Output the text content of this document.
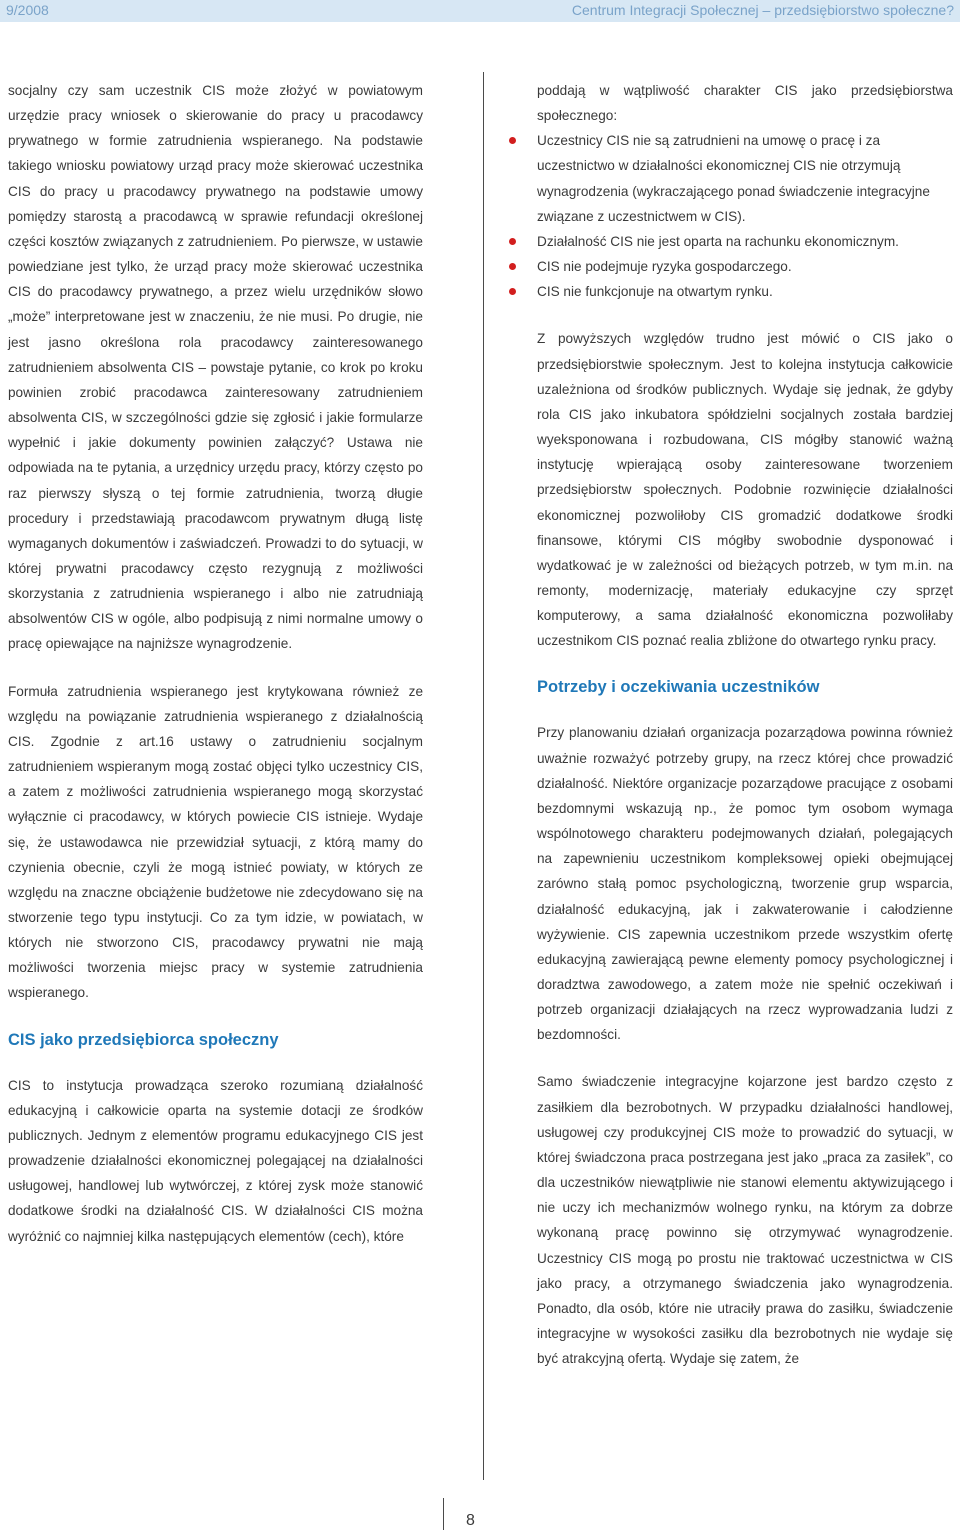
9/2008	Centrum Integracji Społecznej – przedsiębiorstwo społeczne?

socjalny czy sam uczestnik CIS może złożyć w powiatowym urzędzie pracy wniosek o skierowanie do pracy u pracodawcy prywatnego w formie zatrudnienia wspieranego. Na podstawie takiego wniosku powiatowy urząd pracy może skierować uczestnika CIS do pracy u pracodawcy prywatnego na podstawie umowy pomiędzy starostą a pracodawcą w sprawie refundacji określonej części kosztów związanych z zatrudnieniem. Po pierwsze, w ustawie powiedziane jest tylko, że urząd pracy może skierować uczestnika CIS do pracodawcy prywatnego, a przez wielu urzędników słowo „może” interpretowane jest w znaczeniu, że nie musi. Po drugie, nie jest jasno określona rola pracodawcy zainteresowanego zatrudnieniem absolwenta CIS – powstaje pytanie, co krok po kroku powinien zrobić pracodawca zainteresowany zatrudnieniem absolwenta CIS, w szczególności gdzie się zgłosić i jakie formularze wypełnić i jakie dokumenty powinien załączyć? Ustawa nie odpowiada na te pytania, a urzędnicy urzędu pracy, którzy często po raz pierwszy słyszą o tej formie zatrudnienia, tworzą długie procedury i przedstawiają pracodawcom prywatnym długą listę wymaganych dokumentów i zaświadczeń. Prowadzi to do sytuacji, w której prywatni pracodawcy często rezygnują z możliwości skorzystania z zatrudnienia wspieranego i albo nie zatrudniają absolwentów CIS w ogóle, albo podpisują z nimi normalne umowy o pracę opiewające na najniższe wynagrodzenie.

Formuła zatrudnienia wspieranego jest krytykowana również ze względu na powiązanie zatrudnienia wspieranego z działalnością CIS. Zgodnie z art.16 ustawy o zatrudnieniu socjalnym zatrudnieniem wspieranym mogą zostać objęci tylko uczestnicy CIS, a zatem z możliwości zatrudnienia wspieranego mogą skorzystać wyłącznie ci pracodawcy, w których powiecie CIS istnieje. Wydaje się, że ustawodawca nie przewidział sytuacji, z którą mamy do czynienia obecnie, czyli że mogą istnieć powiaty, w których ze względu na znaczne obciążenie budżetowe nie zdecydowano się na stworzenie tego typu instytucji. Co za tym idzie, w powiatach, w których nie stworzono CIS, pracodawcy prywatni nie mają możliwości tworzenia miejsc pracy w systemie zatrudnienia wspieranego.

CIS jako przedsiębiorca społeczny

CIS to instytucja prowadząca szeroko rozumianą działalność edukacyjną i całkowicie oparta na systemie dotacji ze środków publicznych. Jednym z elementów programu edukacyjnego CIS jest prowadzenie działalności ekonomicznej polegającej na działalności usługowej, handlowej lub wytwórczej, z której zysk może stanowić dodatkowe środki na działalność CIS. W działalności CIS można wyróżnić co najmniej kilka następujących elementów (cech), które

poddają w wątpliwość charakter CIS jako przedsiębiorstwa społecznego:

Uczestnicy CIS nie są zatrudnieni na umowę o pracę i za uczestnictwo w działalności ekonomicznej CIS nie otrzymują wynagrodzenia (wykraczającego ponad świadczenie integracyjne związane z uczestnictwem w CIS).
Działalność CIS nie jest oparta na rachunku ekonomicznym.
CIS nie podejmuje ryzyka gospodarczego.
CIS nie funkcjonuje na otwartym rynku.

Z powyższych względów trudno jest mówić o CIS jako o przedsiębiorstwie społecznym. Jest to kolejna instytucja całkowicie uzależniona od środków publicznych. Wydaje się jednak, że gdyby rola CIS jako inkubatora spółdzielni socjalnych została bardziej wyeksponowana i rozbudowana, CIS mógłby stanowić ważną instytucję wpierającą osoby zainteresowane tworzeniem przedsiębiorstw społecznych. Podobnie rozwinięcie działalności ekonomicznej pozwoliłoby CIS gromadzić dodatkowe środki finansowe, którymi CIS mógłby swobodnie dysponować i wydatkować je w zależności od bieżących potrzeb, w tym m.in. na remonty, modernizację, materiały edukacyjne czy sprzęt komputerowy, a sama działalność ekonomiczna pozwoliłaby uczestnikom CIS poznać realia zbliżone do otwartego rynku pracy.

Potrzeby i oczekiwania uczestników

Przy planowaniu działań organizacja pozarządowa powinna również uważnie rozważyć potrzeby grupy, na rzecz której chce prowadzić działalność. Niektóre organizacje pozarządowe pracujące z osobami bezdomnymi wskazują np., że pomoc tym osobom wymaga wspólnotowego charakteru podejmowanych działań, polegających na zapewnieniu uczestnikom kompleksowej opieki obejmującej zarówno stałą pomoc psychologiczną, tworzenie grup wsparcia, działalność edukacyjną, jak i zakwaterowanie i całodzienne wyżywienie. CIS zapewnia uczestnikom przede wszystkim ofertę edukacyjną zawierającą pewne elementy pomocy psychologicznej i doradztwa zawodowego, a zatem może nie spełnić oczekiwań i potrzeb organizacji działających na rzecz wyprowadzania ludzi z bezdomności.

Samo świadczenie integracyjne kojarzone jest bardzo często z zasiłkiem dla bezrobotnych. W przypadku działalności handlowej, usługowej czy produkcyjnej CIS może to prowadzić do sytuacji, w której świadczona praca postrzegana jest jako „praca za zasiłek”, co dla uczestników niewątpliwie nie stanowi elementu aktywizującego i nie uczy ich mechanizmów wolnego rynku, na którym za dobrze wykonaną pracę powinno się otrzymywać wynagrodzenie. Uczestnicy CIS mogą po prostu nie traktować uczestnictwa w CIS jako pracy, a otrzymanego świadczenia jako wynagrodzenia. Ponadto, dla osób, które nie utraciły prawa do zasiłku, świadczenie integracyjne w wysokości zasiłku dla bezrobotnych nie wydaje się być atrakcyjną ofertą. Wydaje się zatem, że

8
